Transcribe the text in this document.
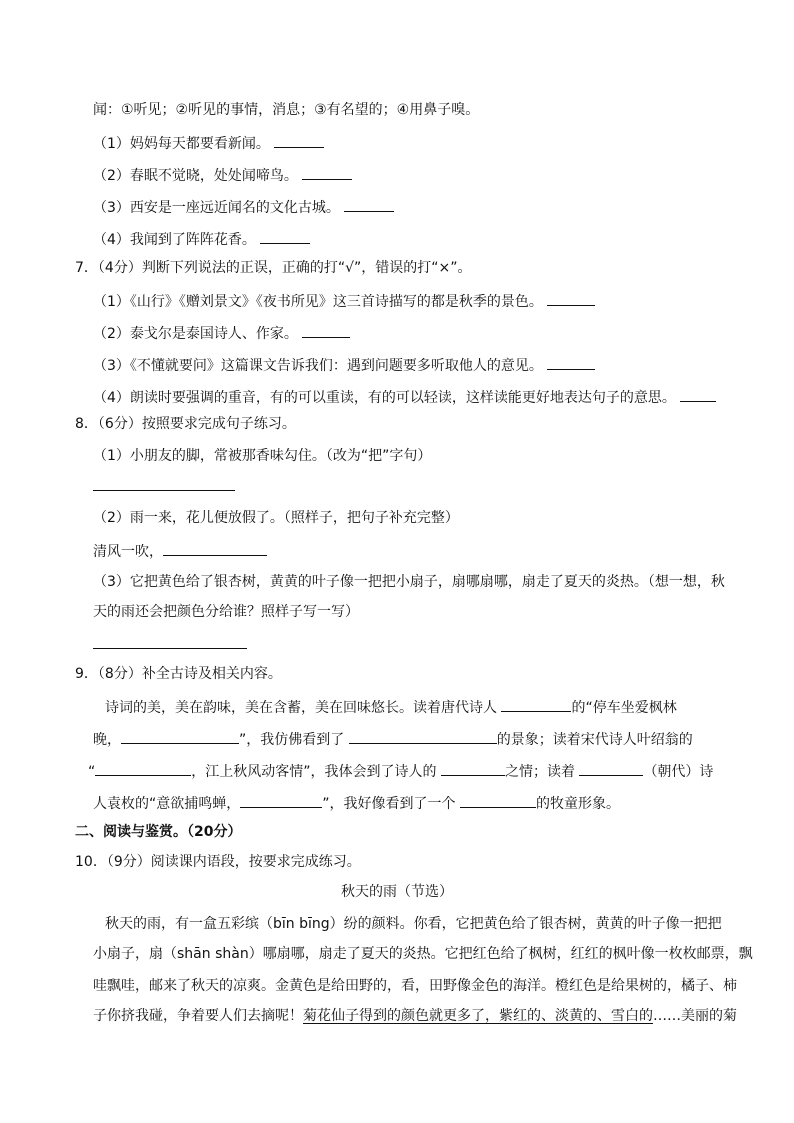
闻：①听见；②听见的事情，消息；③有名望的；④用鼻子嗅。
（1）妈妈每天都要看新闻。
（2）春眠不觉晓，处处闻啼鸟。
（3）西安是一座远近闻名的文化古城。
（4）我闻到了阵阵花香。
7．（4分）判断下列说法的正误，正确的打“√”，错误的打“×”。
（1）《山行》《赠刘景文》《夜书所见》这三首诗描写的都是秋季的景色。
（2）泰戈尔是泰国诗人、作家。
（3）《不懂就要问》这篇课文告诉我们：遇到问题要多听取他人的意见。
（4）朗读时要强调的重音，有的可以重读，有的可以轻读，这样读能更好地表达句子的意思。
8．（6分）按照要求完成句子练习。
（1）小朋友的脚，常被那香味勾住。（改为“把”字句）
（2）雨一来，花儿便放假了。（照样子，把句子补充完整）
清风一吹，
（3）它把黄色给了银杏树，黄黄的叶子像一把把小扇子，扇哪扇哪，扇走了夏天的炎热。（想一想，秋
天的雨还会把颜色分给谁？照样子写一写）
9．（8分）补全古诗及相关内容。
诗词的美，美在韵味，美在含蓄，美在回味悠长。读着唐代诗人	的“停车坐爱枫林
晚，	”，我仿佛看到了	的景象；读着宋代诗人叶绍翁的
“	，江上秋风动客情”，我体会到了诗人的	之情；读着	（朝代）诗
人袁枚的“意欲捕鸣蝉，	”，我好像看到了一个	的牧童形象。
二、阅读与鉴赏。（20分）
10．（9分）阅读课内语段，按要求完成练习。
秋天的雨（节选）
秋天的雨，有一盒五彩缤（bīn bīng）纷的颜料。你看，它把黄色给了银杏树，黄黄的叶子像一把把
小扇子，扇（shān shàn）哪扇哪，扇走了夏天的炎热。它把红色给了枫树，红红的枫叶像一枚枚邮票，飘
哇飘哇，邮来了秋天的凉爽。金黄色是给田野的，看，田野像金色的海洋。橙红色是给果树的，橘子、柿
子你挤我碰，争着要人们去摘呢！菊花仙子得到的颜色就更多了，紫红的、淡黄的、雪白的……美丽的菊
